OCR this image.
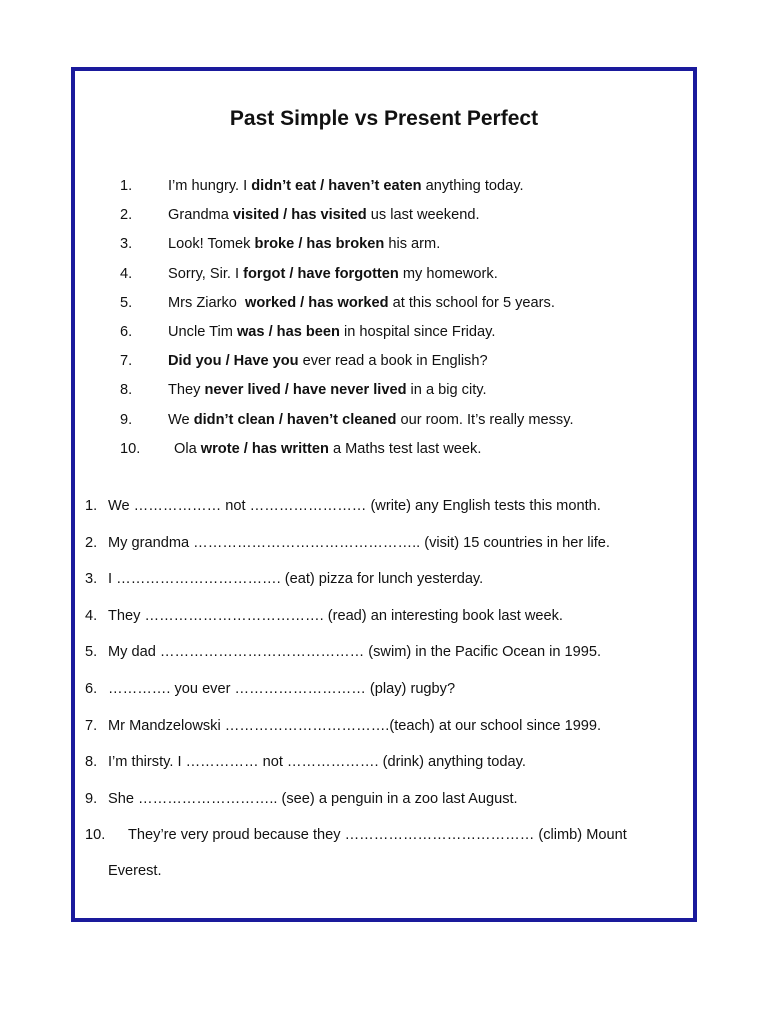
Past Simple vs Present Perfect
1. I’m hungry. I didn’t eat / haven’t eaten anything today.
2. Grandma visited / has visited us last weekend.
3. Look! Tomek broke / has broken his arm.
4. Sorry, Sir. I forgot / have forgotten my homework.
5. Mrs Ziarko  worked / has worked at this school for 5 years.
6. Uncle Tim was / has been in hospital since Friday.
7. Did you / Have you ever read a book in English?
8. They never lived / have never lived in a big city.
9. We didn’t clean / haven’t cleaned our room. It’s really messy.
10. Ola wrote / has written a Maths test last week.
1. We ……………… not …………………… (write) any English tests this month.
2. My grandma ……………………………………….. (visit) 15 countries in her life.
3. I ……………………………. (eat) pizza for lunch yesterday.
4. They ………………………………. (read) an interesting book last week.
5. My dad …………………………………… (swim) in the Pacific Ocean in 1995.
6. …………. you ever ……………………… (play) rugby?
7. Mr Mandzelowski …………………………….(teach) at our school since 1999.
8. I’m thirsty. I …………… not ………………. (drink) anything today.
9. She ……………………….. (see) a penguin in a zoo last August.
10. They’re very proud because they ………………………………… (climb) Mount
Everest.
